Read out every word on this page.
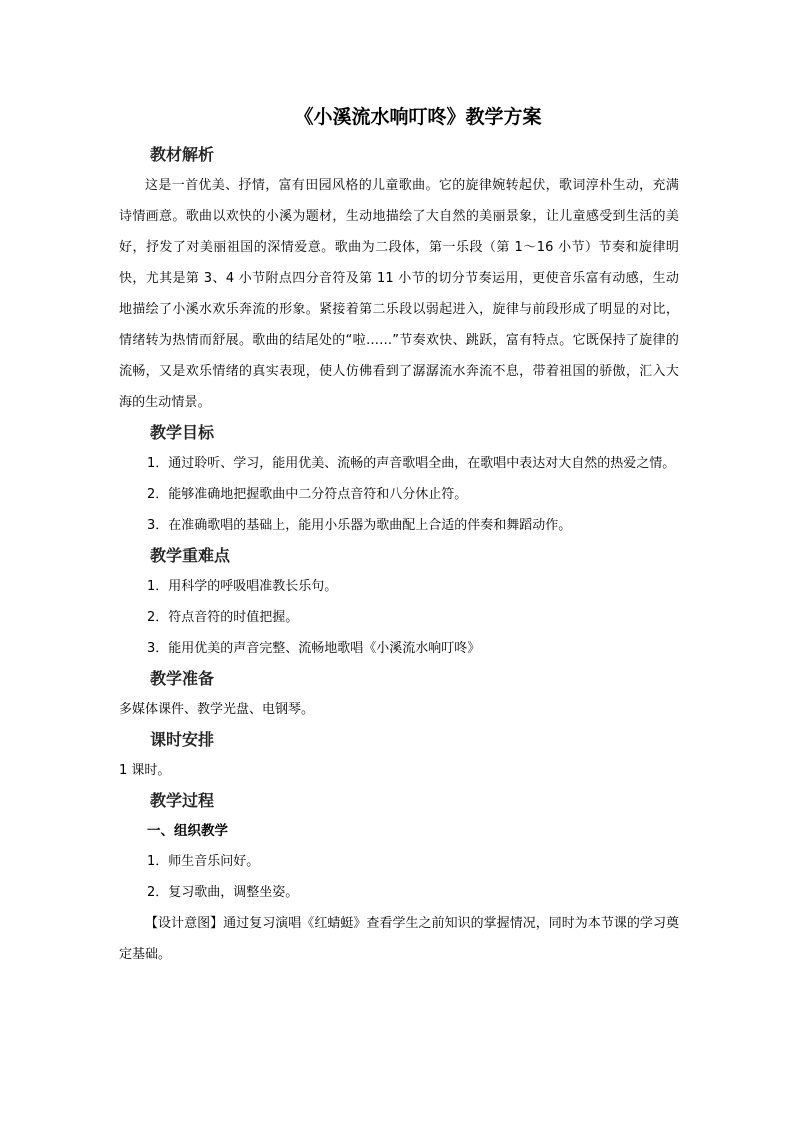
《小溪流水响叮咚》教学方案
教材解析

这是一首优美、抒情，富有田园风格的儿童歌曲。它的旋律婉转起伏，歌词淳朴生动，充满诗情画意。歌曲以欢快的小溪为题材，生动地描绘了大自然的美丽景象，让儿童感受到生活的美好，抒发了对美丽祖国的深情爱意。歌曲为二段体，第一乐段（第 1～16 小节）节奏和旋律明快，尤其是第 3、4 小节附点四分音符及第 11 小节的切分节奏运用，更使音乐富有动感，生动地描绘了小溪水欢乐奔流的形象。紧接着第二乐段以弱起进入，旋律与前段形成了明显的对比，情绪转为热情而舒展。歌曲的结尾处的“啦……”节奏欢快、跳跃，富有特点。它既保持了旋律的流畅，又是欢乐情绪的真实表现，使人仿佛看到了潺潺流水奔流不息，带着祖国的骄傲，汇入大海的生动情景。

教学目标

1．通过聆听、学习，能用优美、流畅的声音歌唱全曲，在歌唱中表达对大自然的热爱之情。

2．能够准确地把握歌曲中二分符点音符和八分休止符。

3．在准确歌唱的基础上，能用小乐器为歌曲配上合适的伴奏和舞蹈动作。

教学重难点

1．用科学的呼吸唱准教长乐句。

2．符点音符的时值把握。

3．能用优美的声音完整、流畅地歌唱《小溪流水响叮咚》

教学准备

多媒体课件、教学光盘、电钢琴。

课时安排

1 课时。

教学过程
一、组织教学

1．师生音乐问好。

2．复习歌曲，调整坐姿。

【设计意图】通过复习演唱《红蜻蜓》查看学生之前知识的掌握情况，同时为本节课的学习奠定基础。
